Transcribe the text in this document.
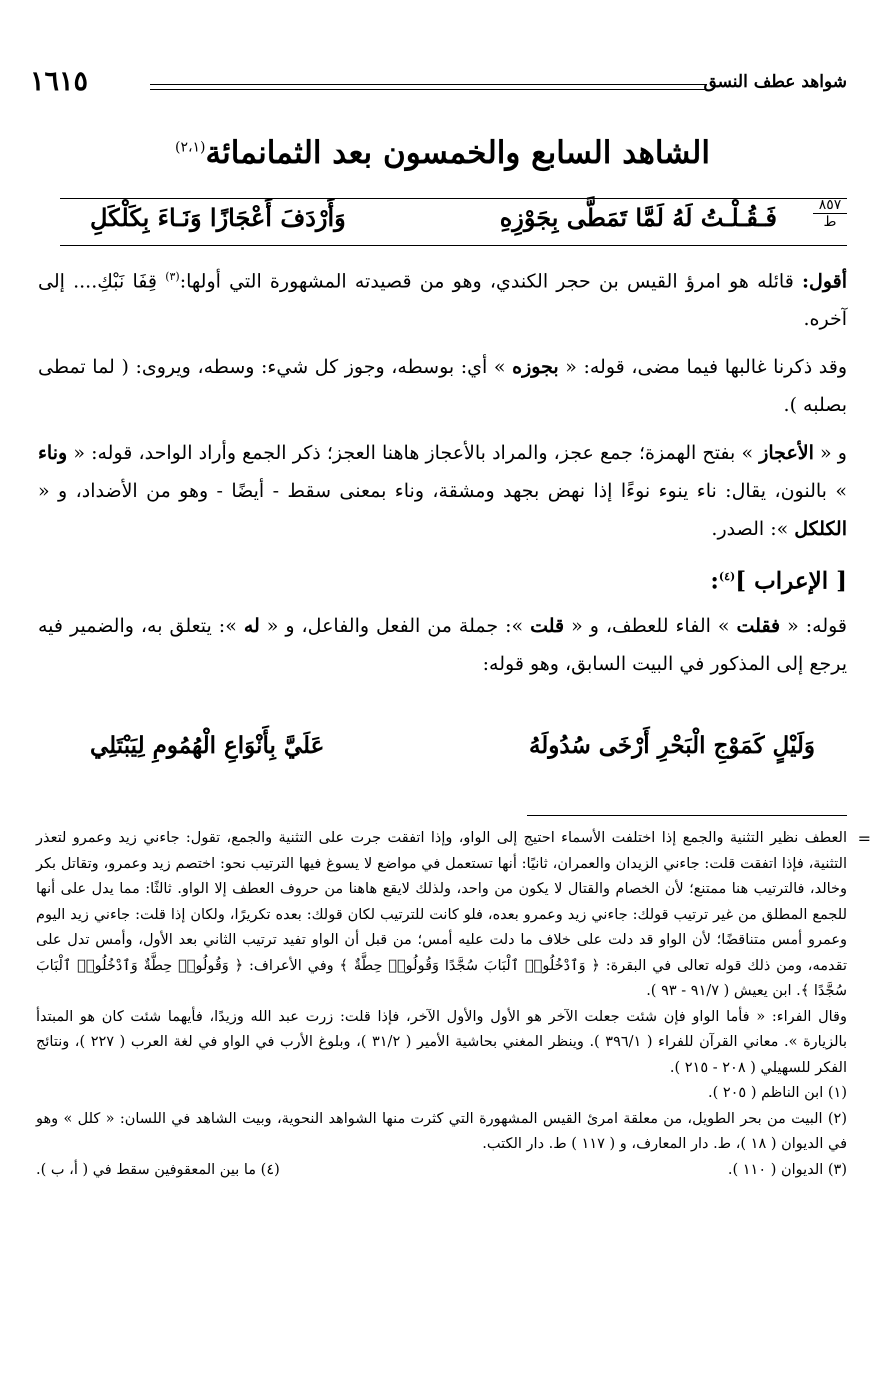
شواهد عطف النسق
١٦١٥
الشاهد السابع والخمسون بعد الثمانمائة$^{(٢،١)}$
٨٥٧
ط
فَـقُـلْـتُ لَهُ لَمَّا تَمَطَّى بِجَوْزِهِ
وَأَرْدَفَ أَعْجَازًا وَنَـاءَ بِكَلْكَلِ

أقول: قائله هو امرؤ القيس بن حجر الكندي، وهو من قصيدته المشهورة التي أولها:$^{(٣)}$ قِفَا نَبْكِ.... إلى آخره.

وقد ذكرنا غالبها فيما مضى، قوله: « بجوزه » أي: بوسطه، وجوز كل شيء: وسطه، ويروى: ( لما تمطى بصلبه ).

و « الأعجاز » بفتح الهمزة؛ جمع عجز، والمراد بالأعجاز هاهنا العجز؛ ذكر الجمع وأراد الواحد، قوله: « وناء » بالنون، يقال: ناء ينوء نوءًا إذا نهض بجهد ومشقة، وناء بمعنى سقط - أيضًا - وهو من الأضداد، و « الكلكل »: الصدر.

[ الإعراب ]$^{(٤)}$:

قوله: « فقلت » الفاء للعطف، و « قلت »: جملة من الفعل والفاعل، و « له »: يتعلق به، والضمير فيه يرجع إلى المذكور في البيت السابق، وهو قوله:

وَلَيْلٍ كَمَوْجِ الْبَحْرِ أَرْخَى سُدُولَهُ
عَلَيَّ بِأَنْوَاعِ الْهُمُومِ لِيَبْتَلِي
=

العطف نظير التثنية والجمع إذا اختلفت الأسماء احتيج إلى الواو، وإذا اتفقت جرت على التثنية والجمع، تقول: جاءني زيد وعمرو لتعذر التثنية، فإذا اتفقت قلت: جاءني الزيدان والعمران، ثانيًا: أنها تستعمل في مواضع لا يسوغ فيها الترتيب نحو: اختصم زيد وعمرو، وتقاتل بكر وخالد، فالترتيب هنا ممتنع؛ لأن الخصام والقتال لا يكون من واحد، ولذلك لايقع هاهنا من حروف العطف إلا الواو. ثالثًا: مما يدل على أنها للجمع المطلق من غير ترتيب قولك: جاءني زيد وعمرو بعده، فلو كانت للترتيب لكان قولك: بعده تكريرًا، ولكان إذا قلت: جاءني زيد اليوم وعمرو أمس متناقضًا؛ لأن الواو قد دلت على خلاف ما دلت عليه أمس؛ من قبل أن الواو تفيد ترتيب الثاني بعد الأول، وأمس تدل على تقدمه، ومن ذلك قوله تعالى في البقرة: ﴿ وَٱدْخُلُوا۟ ٱلْبَابَ سُجَّدًا وَقُولُوا۟ حِطَّةٌ ﴾ وفي الأعراف: ﴿ وَقُولُوا۟ حِطَّةٌ وَٱدْخُلُوا۟ ٱلْبَابَ سُجَّدًا ﴾. ابن يعيش ( ٩١/٧ - ٩٣ ).

وقال الفراء: « فأما الواو فإن شئت جعلت الآخر هو الأول والأول الآخر، فإذا قلت: زرت عبد الله وزيدًا، فأيهما شئت كان هو المبتدأ بالزيارة ». معاني القرآن للفراء ( ٣٩٦/١ ). وينظر المغني بحاشية الأمير ( ٣١/٢ )، وبلوغ الأرب في الواو في لغة العرب ( ٢٢٧ )، ونتائج الفكر للسهيلي ( ٢٠٨ - ٢١٥ ).

(١) ابن الناظم ( ٢٠٥ ).

(٢) البيت من بحر الطويل، من معلقة امرئ القيس المشهورة التي كثرت منها الشواهد النحوية، وبيت الشاهد في اللسان: « كلل » وهو في الديوان ( ١٨ )، ط. دار المعارف، و ( ١١٧ ) ط. دار الكتب.

(٣) الديوان ( ١١٠ ).
(٤) ما بين المعقوفين سقط في ( أ، ب ).
